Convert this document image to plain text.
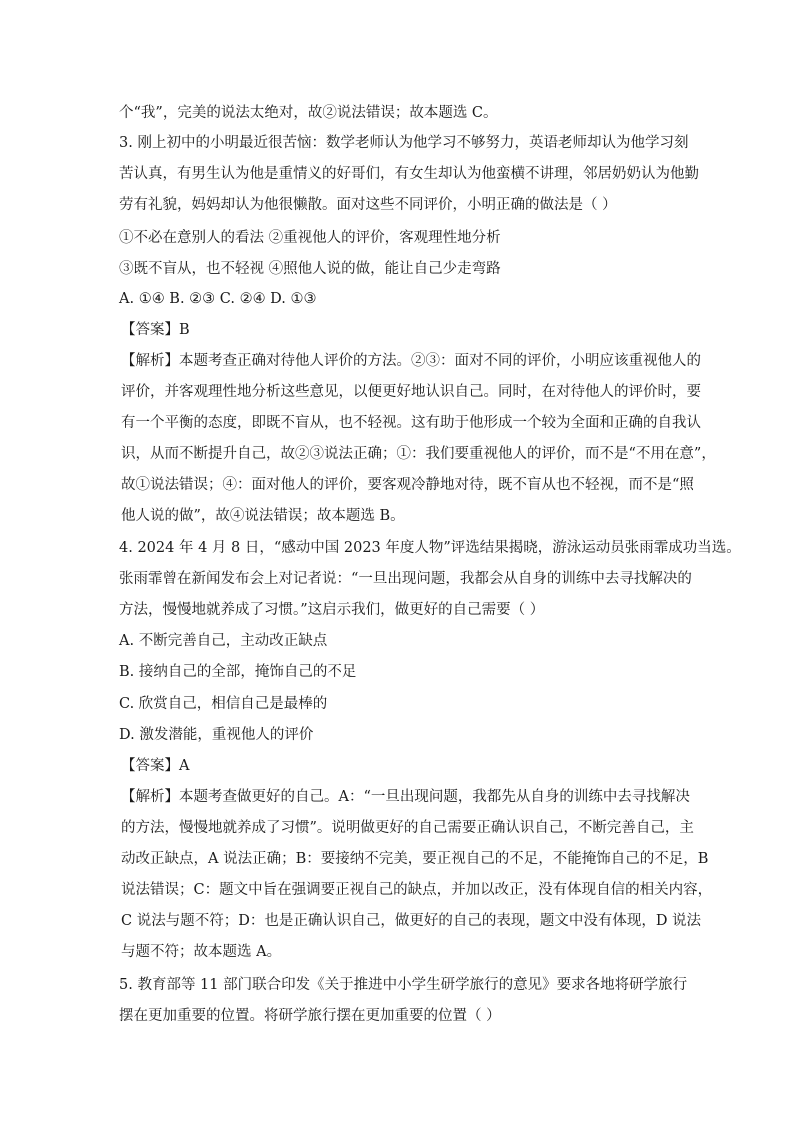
个“我”，完美的说法太绝对，故②说法错误；故本题选 C。
3. 刚上初中的小明最近很苦恼：数学老师认为他学习不够努力，英语老师却认为他学习刻
苦认真，有男生认为他是重情义的好哥们，有女生却认为他蛮横不讲理，邻居奶奶认为他勤
劳有礼貌，妈妈却认为他很懒散。面对这些不同评价，小明正确的做法是（ ）
①不必在意别人的看法 ②重视他人的评价，客观理性地分析
③既不盲从，也不轻视 ④照他人说的做，能让自己少走弯路
A. ①④ B. ②③ C. ②④ D. ①③
【答案】B
【解析】本题考查正确对待他人评价的方法。②③：面对不同的评价，小明应该重视他人的
评价，并客观理性地分析这些意见，以便更好地认识自己。同时，在对待他人的评价时，要
有一个平衡的态度，即既不盲从，也不轻视。这有助于他形成一个较为全面和正确的自我认
识，从而不断提升自己，故②③说法正确；①：我们要重视他人的评价，而不是“不用在意”，
故①说法错误；④：面对他人的评价，要客观冷静地对待，既不盲从也不轻视，而不是“照
他人说的做”，故④说法错误；故本题选 B。
4. 2024 年 4 月 8 日，“感动中国 2023 年度人物”评选结果揭晓，游泳运动员张雨霏成功当选。
张雨霏曾在新闻发布会上对记者说：“一旦出现问题，我都会从自身的训练中去寻找解决的
方法，慢慢地就养成了习惯。”这启示我们，做更好的自己需要（ ）
A. 不断完善自己，主动改正缺点
B. 接纳自己的全部，掩饰自己的不足
C. 欣赏自己，相信自己是最棒的
D. 激发潜能，重视他人的评价
【答案】A
【解析】本题考查做更好的自己。A：“一旦出现问题，我都先从自身的训练中去寻找解决
的方法，慢慢地就养成了习惯”。说明做更好的自己需要正确认识自己，不断完善自己，主
动改正缺点，A 说法正确；B：要接纳不完美，要正视自己的不足，不能掩饰自己的不足，B
说法错误；C：题文中旨在强调要正视自己的缺点，并加以改正，没有体现自信的相关内容，
C 说法与题不符；D：也是正确认识自己，做更好的自己的表现，题文中没有体现，D 说法
与题不符；故本题选 A。
5. 教育部等 11 部门联合印发《关于推进中小学生研学旅行的意见》要求各地将研学旅行
摆在更加重要的位置。将研学旅行摆在更加重要的位置（ ）
